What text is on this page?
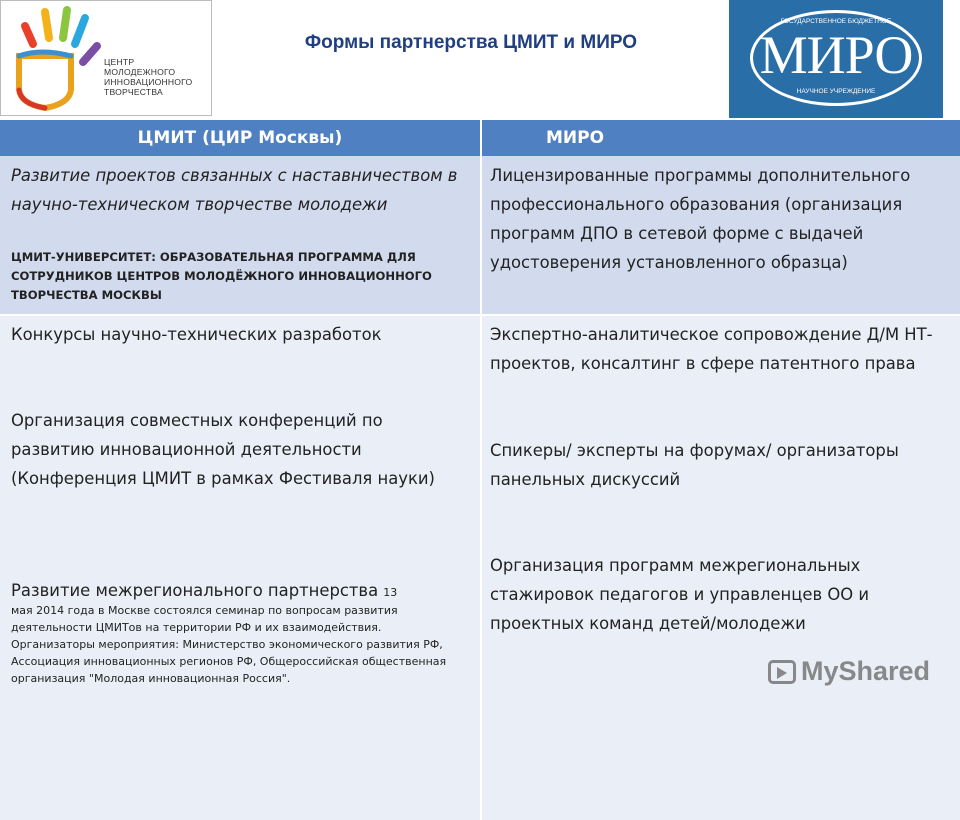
ЦЕНТР МОЛОДЕЖНОГО ИННОВАЦИОННОГО ТВОРЧЕСТВА
Формы партнерства ЦМИТ и МИРО
ГОСУДАРСТВЕННОЕ БЮДЖЕТНОЕ
МИРО
НАУЧНОЕ УЧРЕЖДЕНИЕ
ЦМИТ (ЦИР Москвы)	МИРО
Развитие проектов связанных с наставничеством в научно-техническом творчестве молодежи
ЦМИТ-УНИВЕРСИТЕТ: ОБРАЗОВАТЕЛЬНАЯ ПРОГРАММА ДЛЯ СОТРУДНИКОВ ЦЕНТРОВ МОЛОДЁЖНОГО ИННОВАЦИОННОГО ТВОРЧЕСТВА МОСКВЫ
Лицензированные программы дополнительного профессионального образования (организация программ ДПО в сетевой форме с выдачей удостоверения установленного образца)
Конкурсы научно-технических разработок
Организация совместных конференций по развитию инновационной деятельности (Конференция ЦМИТ в рамках Фестиваля науки)
Развитие межрегионального партнерства 13
мая 2014 года в Москве состоялся семинар по вопросам развития деятельности ЦМИТов на территории РФ и их взаимодействия. Организаторы мероприятия: Министерство экономического развития РФ, Ассоциация инновационных регионов РФ, Общероссийская общественная организация "Молодая инновационная Россия".
Экспертно-аналитическое сопровождение Д/М НТ-проектов, консалтинг в сфере патентного права
Спикеры/ эксперты на форумах/ организаторы панельных дискуссий
Организация программ межрегиональных стажировок педагогов и управленцев ОО и проектных команд детей/молодежи
MyShared
